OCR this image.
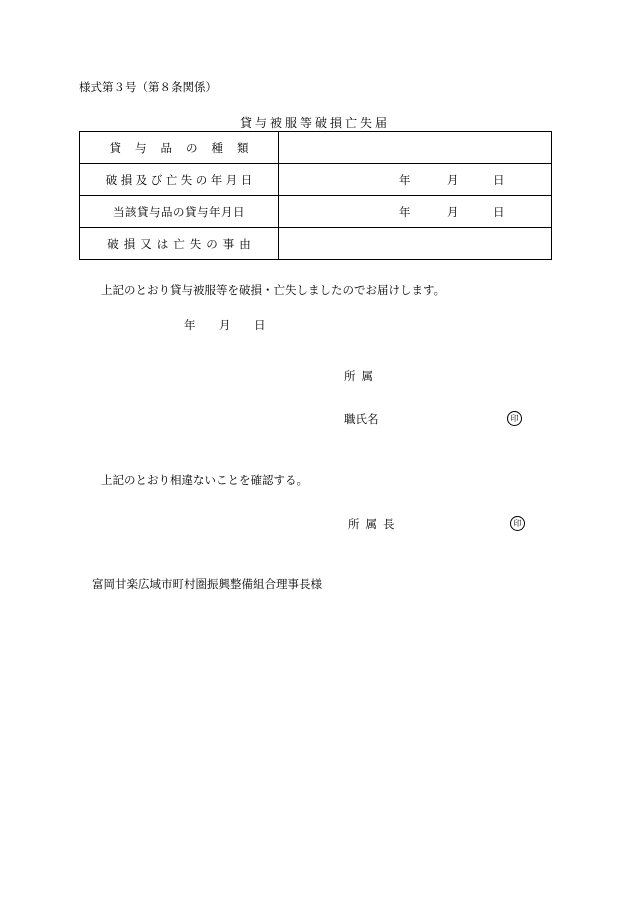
様式第３号（第８条関係）
貸与被服等破損亡失届
貸与品の種類	
破損及び亡失の年月日	年 月 日

当該貸与品の貸与年月日	年 月 日

破損又は亡失の事由	
上記のとおり貸与被服等を破損・亡失しましたのでお届けします。
年 月 日
所属
職氏名	印
上記のとおり相違ないことを確認する。
所属長	印
富岡甘楽広域市町村圏振興整備組合理事長様
